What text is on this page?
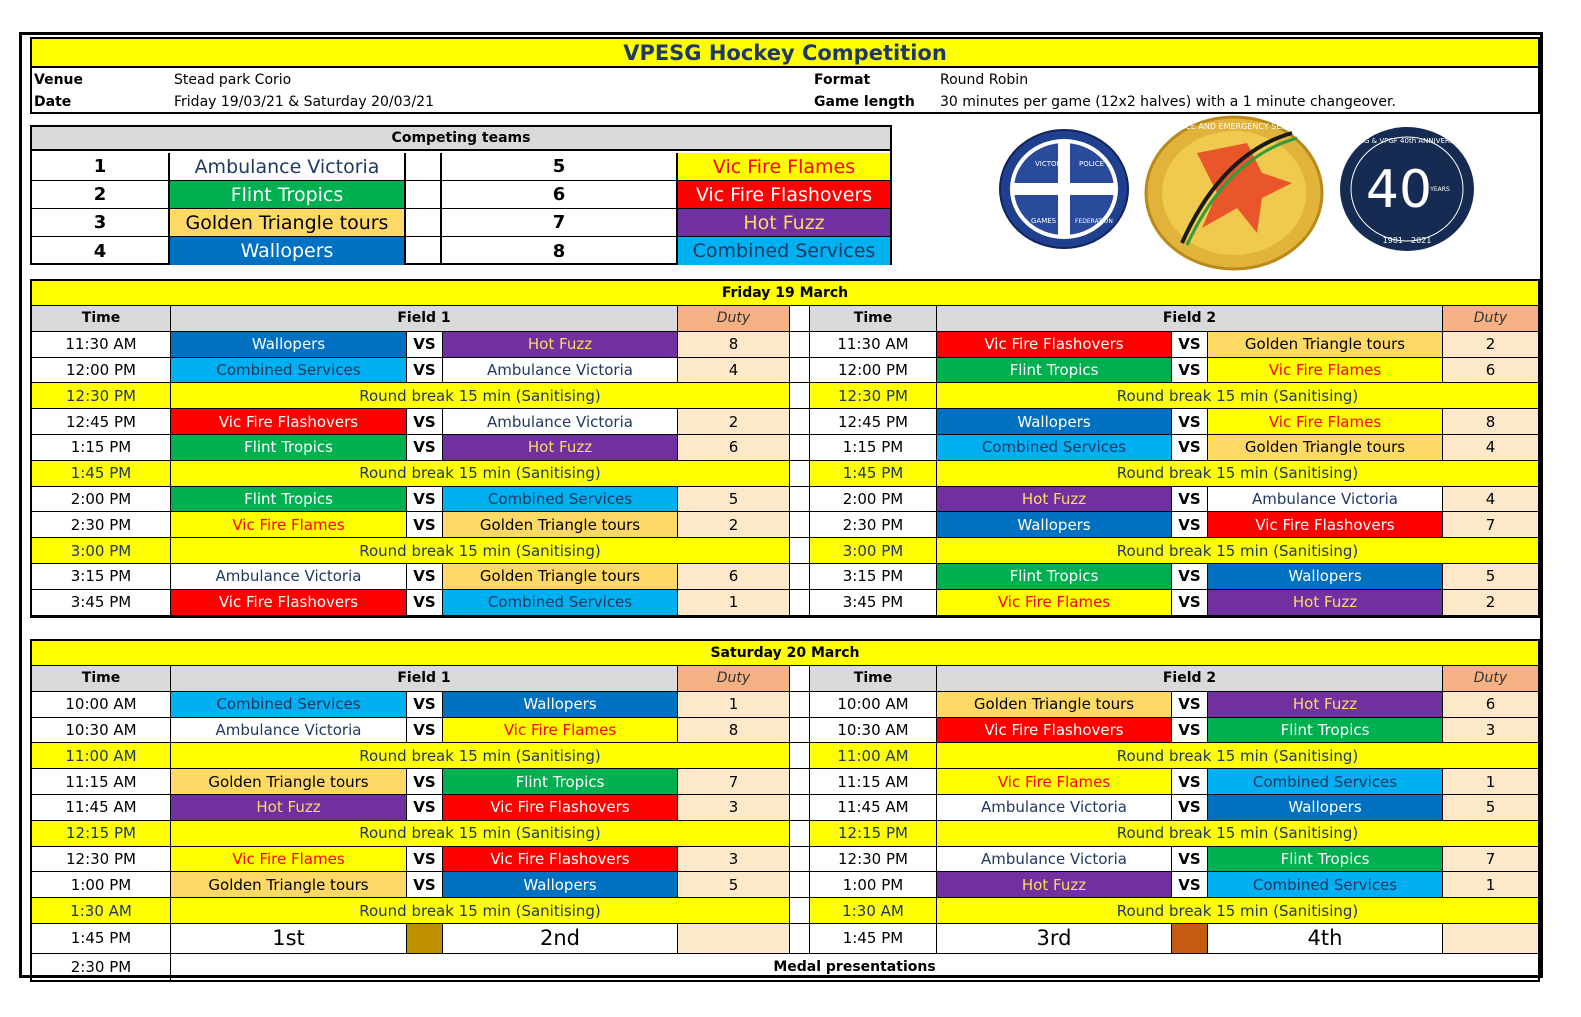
VPESG Hockey Competition
Venue	Stead park Corio	Format	Round Robin
Date	Friday 19/03/21 & Saturday 20/03/21	Game length 30 minutes per game (12x2 halves) with a 1 minute changeover.
Competing teams
1	Ambulance Victoria	5	Vic Fire Flames
2	Flint Tropics	6	Vic Fire Flashovers
3	Golden Triangle tours	7	Hot Fuzz
4	Wallopers	8	Combined Services
VICTORIA POLICE
FEDERATION
GAMES
VICTORIA POLICE AND EMERGENCY SERVICES GAMES
40
YEARS
VPESG & VPGF 40th ANNIVERSARY
1981 - 2021
Friday 19 March
Time	Field 1	Duty	Time	Field 2	Duty
11:30 AM	Wallopers	VS	Hot Fuzz	8	11:30 AM	Vic Fire Flashovers	VS	Golden Triangle tours	2
12:00 PM	Combined Services	VS	Ambulance Victoria	4	12:00 PM	Flint Tropics	VS	Vic Fire Flames	6
12:30 PM	Round break 15 min (Sanitising)	12:30 PM	Round break 15 min (Sanitising)
12:45 PM	Vic Fire Flashovers	VS	Ambulance Victoria	2	12:45 PM	Wallopers	VS	Vic Fire Flames	8
1:15 PM	Flint Tropics	VS	Hot Fuzz	6	1:15 PM	Combined Services	VS	Golden Triangle tours	4
1:45 PM	Round break 15 min (Sanitising)	1:45 PM	Round break 15 min (Sanitising)
2:00 PM	Flint Tropics	VS	Combined Services	5	2:00 PM	Hot Fuzz	VS	Ambulance Victoria	4
2:30 PM	Vic Fire Flames	VS	Golden Triangle tours	2	2:30 PM	Wallopers	VS	Vic Fire Flashovers	7
3:00 PM	Round break 15 min (Sanitising)	3:00 PM	Round break 15 min (Sanitising)
3:15 PM	Ambulance Victoria	VS	Golden Triangle tours	6	3:15 PM	Flint Tropics	VS	Wallopers	5
3:45 PM	Vic Fire Flashovers	VS	Combined Services	1	3:45 PM	Vic Fire Flames	VS	Hot Fuzz	2
Saturday 20 March
Time	Field 1	Duty	Time	Field 2	Duty
10:00 AM	Combined Services	VS	Wallopers	1	10:00 AM	Golden Triangle tours	VS	Hot Fuzz	6
10:30 AM	Ambulance Victoria	VS	Vic Fire Flames	8	10:30 AM	Vic Fire Flashovers	VS	Flint Tropics	3
11:00 AM	Round break 15 min (Sanitising)	11:00 AM	Round break 15 min (Sanitising)
11:15 AM	Golden Triangle tours	VS	Flint Tropics	7	11:15 AM	Vic Fire Flames	VS	Combined Services	1
11:45 AM	Hot Fuzz	VS	Vic Fire Flashovers	3	11:45 AM	Ambulance Victoria	VS	Wallopers	5
12:15 PM	Round break 15 min (Sanitising)	12:15 PM	Round break 15 min (Sanitising)
12:30 PM	Vic Fire Flames	VS	Vic Fire Flashovers	3	12:30 PM	Ambulance Victoria	VS	Flint Tropics	7
1:00 PM	Golden Triangle tours	VS	Wallopers	5	1:00 PM	Hot Fuzz	VS	Combined Services	1
1:30 AM	Round break 15 min (Sanitising)	1:30 AM	Round break 15 min (Sanitising)
1:45 PM	1st	2nd	1:45 PM	3rd	4th
2:30 PM	Medal presentations
